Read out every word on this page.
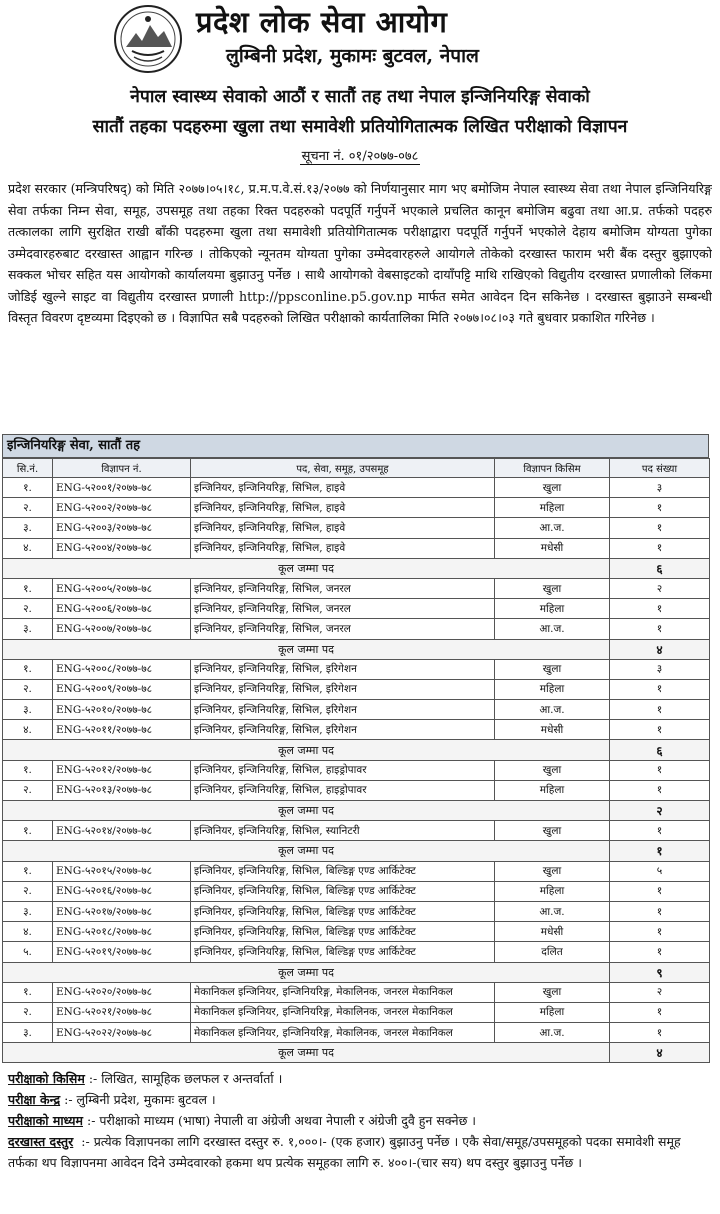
प्रदेश लोक सेवा आयोग
लुम्बिनी प्रदेश, मुकामः बुटवल, नेपाल
नेपाल स्वास्थ्य सेवाको आठौं र सातौं तह तथा नेपाल इन्जिनियरिङ्ग सेवाको
सातौं तहका पदहरुमा खुला तथा समावेशी प्रतियोगितात्मक लिखित परीक्षाको विज्ञापन
सूचना नं. ०१/२०७७-०७८
प्रदेश सरकार (मन्त्रिपरिषद्) को मिति २०७७।०५।१८, प्र.म.प.वे.सं.१३/२०७७ को निर्णयानुसार माग भए बमोजिम नेपाल स्वास्थ्य सेवा तथा नेपाल इन्जिनियरिङ्ग सेवा तर्फका निम्न सेवा, समूह, उपसमूह तथा तहका रिक्त पदहरुको पदपूर्ति गर्नुपर्ने भएकाले प्रचलित कानून बमोजिम बढुवा तथा आ.प्र. तर्फको पदहरु तत्कालका लागि सुरक्षित राखी बाँकी पदहरुमा खुला तथा समावेशी प्रतियोगितात्मक परीक्षाद्वारा पदपूर्ति गर्नुपर्ने भएकोले देहाय बमोजिम योग्यता पुगेका उम्मेदवारहरुबाट दरखास्त आह्वान गरिन्छ । तोकिएको न्यूनतम योग्यता पुगेका उम्मेदवारहरुले आयोगले तोकेको दरखास्त फाराम भरी बैंक दस्तुर बुझाएको सक्कल भोचर सहित यस आयोगको कार्यालयमा बुझाउनु पर्नेछ । साथै आयोगको वेबसाइटको दायाँपट्टि माथि राखिएको विद्युतीय दरखास्त प्रणालीको लिंकमा जोडिई खुल्ने साइट वा विद्युतीय दरखास्त प्रणाली http://ppsconline.p5.gov.np मार्फत समेत आवेदन दिन सकिनेछ । दरखास्त बुझाउने सम्बन्धी विस्तृत विवरण दृष्टव्यमा दिइएको छ । विज्ञापित सबै पदहरुको लिखित परीक्षाको कार्यतालिका मिति २०७७।०८।०३ गते बुधवार प्रकाशित गरिनेछ ।
इन्जिनियरिङ्ग सेवा, सातौं तह
सि.नं.	विज्ञापन नं.	पद, सेवा, समूह, उपसमूह	विज्ञापन किसिम	पद संख्या
१.	ENG-५२००१/२०७७-७८	इन्जिनियर, इन्जिनियरिङ्ग, सिभिल, हाइवे	खुला	३
२.	ENG-५२००२/२०७७-७८	इन्जिनियर, इन्जिनियरिङ्ग, सिभिल, हाइवे	महिला	१
३.	ENG-५२००३/२०७७-७८	इन्जिनियर, इन्जिनियरिङ्ग, सिभिल, हाइवे	आ.ज.	१
४.	ENG-५२००४/२०७७-७८	इन्जिनियर, इन्जिनियरिङ्ग, सिभिल, हाइवे	मधेसी	१
कूल जम्मा पद				६
१.	ENG-५२००५/२०७७-७८	इन्जिनियर, इन्जिनियरिङ्ग, सिभिल, जनरल	खुला	२
२.	ENG-५२००६/२०७७-७८	इन्जिनियर, इन्जिनियरिङ्ग, सिभिल, जनरल	महिला	१
३.	ENG-५२००७/२०७७-७८	इन्जिनियर, इन्जिनियरिङ्ग, सिभिल, जनरल	आ.ज.	१
कूल जम्मा पद				४
१.	ENG-५२००८/२०७७-७८	इन्जिनियर, इन्जिनियरिङ्ग, सिभिल, इरिगेशन	खुला	३
२.	ENG-५२००९/२०७७-७८	इन्जिनियर, इन्जिनियरिङ्ग, सिभिल, इरिगेशन	महिला	१
३.	ENG-५२०१०/२०७७-७८	इन्जिनियर, इन्जिनियरिङ्ग, सिभिल, इरिगेशन	आ.ज.	१
४.	ENG-५२०११/२०७७-७८	इन्जिनियर, इन्जिनियरिङ्ग, सिभिल, इरिगेशन	मधेसी	१
कूल जम्मा पद				६
१.	ENG-५२०१२/२०७७-७८	इन्जिनियर, इन्जिनियरिङ्ग, सिभिल, हाइड्रोपावर	खुला	१
२.	ENG-५२०१३/२०७७-७८	इन्जिनियर, इन्जिनियरिङ्ग, सिभिल, हाइड्रोपावर	महिला	१
कूल जम्मा पद				२
१.	ENG-५२०१४/२०७७-७८	इन्जिनियर, इन्जिनियरिङ्ग, सिभिल, स्यानिटरी	खुला	१
कूल जम्मा पद				१
१.	ENG-५२०१५/२०७७-७८	इन्जिनियर, इन्जिनियरिङ्ग, सिभिल, बिल्डिङ्ग एण्ड आर्किटेक्ट	खुला	५
२.	ENG-५२०१६/२०७७-७८	इन्जिनियर, इन्जिनियरिङ्ग, सिभिल, बिल्डिङ्ग एण्ड आर्किटेक्ट	महिला	१
३.	ENG-५२०१७/२०७७-७८	इन्जिनियर, इन्जिनियरिङ्ग, सिभिल, बिल्डिङ्ग एण्ड आर्किटेक्ट	आ.ज.	१
४.	ENG-५२०१८/२०७७-७८	इन्जिनियर, इन्जिनियरिङ्ग, सिभिल, बिल्डिङ्ग एण्ड आर्किटेक्ट	मधेसी	१
५.	ENG-५२०१९/२०७७-७८	इन्जिनियर, इन्जिनियरिङ्ग, सिभिल, बिल्डिङ्ग एण्ड आर्किटेक्ट	दलित	१
कूल जम्मा पद				९
१.	ENG-५२०२०/२०७७-७८	मेकानिकल इन्जिनियर, इन्जिनियरिङ्ग, मेकालिनक, जनरल मेकानिकल	खुला	२
२.	ENG-५२०२१/२०७७-७८	मेकानिकल इन्जिनियर, इन्जिनियरिङ्ग, मेकालिनक, जनरल मेकानिकल	महिला	१
३.	ENG-५२०२२/२०७७-७८	मेकानिकल इन्जिनियर, इन्जिनियरिङ्ग, मेकालिनक, जनरल मेकानिकल	आ.ज.	१
कूल जम्मा पद				४
परीक्षाको किसिम :- लिखित, सामूहिक छलफल र अन्तर्वार्ता ।
परीक्षा केन्द्र :- लुम्बिनी प्रदेश, मुकामः बुटवल ।
परीक्षाको माध्यम :- परीक्षाको माध्यम (भाषा) नेपाली वा अंग्रेजी अथवा नेपाली र अंग्रेजी दुवै हुन सक्नेछ ।
दरखास्त दस्तुर :- प्रत्येक विज्ञापनका लागि दरखास्त दस्तुर रु. १,०००।- (एक हजार) बुझाउनु पर्नेछ । एकै सेवा/समूह/उपसमूहको पदका समावेशी समूह तर्फका थप विज्ञापनमा आवेदन दिने उम्मेदवारको हकमा थप प्रत्येक समूहका लागि रु. ४००।-(चार सय) थप दस्तुर बुझाउनु पर्नेछ ।
